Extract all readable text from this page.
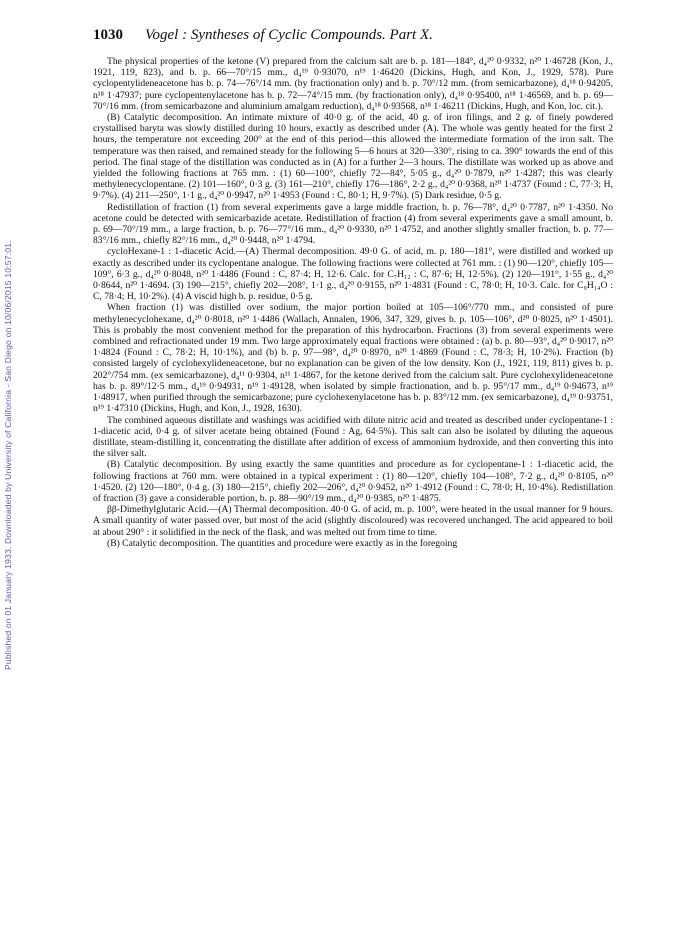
Published on 01 January 1933. Downloaded by University of California - San Diego on 10/06/2015 10:57:01.
1030 Vogel : Syntheses of Cyclic Compounds. Part X.

The physical properties of the ketone (V) prepared from the calcium salt are b. p. 181—184°, d₄²⁰ 0·9332, n²⁰ 1·46728 (Kon, J., 1921, 119, 823), and b. p. 66—70°/15 mm., d₄¹⁹ 0·93070, n¹⁹ 1·46420 (Dickins, Hugh, and Kon, J., 1929, 578). Pure cyclopentylideneacetone has b. p. 74—76°/14 mm. (by fractionation only) and b. p. 70°/12 mm. (from semicarbazone), d₄¹⁸ 0·94205, n¹⁸ 1·47937; pure cyclopentenylacetone has b. p. 72—74°/15 mm. (by fractionation only), d₄¹⁸ 0·95400, n¹⁸ 1·46569, and b. p. 69—70°/16 mm. (from semicarbazone and aluminium amalgam reduction), d₄¹⁸ 0·93568, n¹⁸ 1·46211 (Dickins, Hugh, and Kon, loc. cit.).

(B) Catalytic decomposition. An intimate mixture of 40·0 g. of the acid, 40 g. of iron filings, and 2 g. of finely powdered crystallised baryta was slowly distilled during 10 hours, exactly as described under (A). The whole was gently heated for the first 2 hours, the temperature not exceeding 200° at the end of this period—this allowed the intermediate formation of the iron salt. The temperature was then raised, and remained steady for the following 5—6 hours at 320—330°, rising to ca. 390° towards the end of this period. The final stage of the distillation was conducted as in (A) for a further 2—3 hours. The distillate was worked up as above and yielded the following fractions at 765 mm. : (1) 60—100°, chiefly 72—84°, 5·05 g., d₄²⁰ 0·7879, n²⁰ 1·4287; this was clearly methylenecyclopentane. (2) 101—160°, 0·3 g. (3) 161—210°, chiefly 176—186°, 2·2 g., d₄²⁰ 0·9368, n²⁰ 1·4737 (Found : C, 77·3; H, 9·7%). (4) 211—250°, 1·1 g., d₄²⁰ 0·9947, n²⁰ 1·4953 (Found : C, 80·1; H, 9·7%). (5) Dark residue, 0·5 g.

Redistillation of fraction (1) from several experiments gave a large middle fraction, b. p. 76—78°, d₄²⁰ 0·7787, n²⁰ 1·4350. No acetone could be detected with semicarbazide acetate. Redistillation of fraction (4) from several experiments gave a small amount, b. p. 69—70°/19 mm., a large fraction, b. p. 76—77°/16 mm., d₄²⁰ 0·9330, n²⁰ 1·4752, and another slightly smaller fraction, b. p. 77—83°/16 mm., chiefly 82°/16 mm., d₄²⁰ 0·9448, n²⁰ 1·4794.

cycloHexane-1 : 1-diacetic Acid.—(A) Thermal decomposition. 49·0 G. of acid, m. p. 180—181°, were distilled and worked up exactly as described under its cyclopentane analogue. The following fractions were collected at 761 mm. : (1) 90—120°, chiefly 105—109°, 6·3 g., d₄²⁰ 0·8048, n²⁰ 1·4486 (Found : C, 87·4; H, 12·6. Calc. for C₇H₁₂ : C, 87·6; H, 12·5%). (2) 120—191°, 1·55 g., d₄²⁰ 0·8644, n²⁰ 1·4694. (3) 190—215°, chiefly 202—208°, 1·1 g., d₄²⁰ 0·9155, n²⁰ 1·4831 (Found : C, 78·0; H, 10·3. Calc. for C₉H₁₄O : C, 78·4; H, 10·2%). (4) A viscid high b. p. residue, 0·5 g.

When fraction (1) was distilled over sodium, the major portion boiled at 105—106°/770 mm., and consisted of pure methylenecyclohexane, d₄²⁰ 0·8018, n²⁰ 1·4486 (Wallach, Annalen, 1906, 347, 329, gives b. p. 105—106°, d²⁰ 0·8025, n²⁰ 1·4501). This is probably the most convenient method for the preparation of this hydrocarbon. Fractions (3) from several experiments were combined and refractionated under 19 mm. Two large approximately equal fractions were obtained : (a) b. p. 80—93°, d₄²⁰ 0·9017, n²⁰ 1·4824 (Found : C, 78·2; H, 10·1%), and (b) b. p. 97—98°, d₄²⁰ 0·8970, n²⁰ 1·4869 (Found : C, 78·3; H, 10·2%). Fraction (b) consisted largely of cyclohexylideneacetone, but no explanation can be given of the low density. Kon (J., 1921, 119, 811) gives b. p. 202°/754 mm. (ex semicarbazone), d₄¹¹ 0·9304, n¹¹ 1·4867, for the ketone derived from the calcium salt. Pure cyclohexylideneacetone has b. p. 89°/12·5 mm., d₄¹⁹ 0·94931, n¹⁹ 1·49128, when isolated by simple fractionation, and b. p. 95°/17 mm., d₄¹⁹ 0·94673, n¹⁹ 1·48917, when purified through the semicarbazone; pure cyclohexenylacetone has b. p. 83°/12 mm. (ex semicarbazone), d₄¹⁹ 0·93751, n¹⁹ 1·47310 (Dickins, Hugh, and Kon, J., 1928, 1630).

The combined aqueous distillate and washings was acidified with dilute nitric acid and treated as described under cyclopentane-1 : 1-diacetic acid, 0·4 g. of silver acetate being obtained (Found : Ag, 64·5%). This salt can also be isolated by diluting the aqueous distillate, steam-distilling it, concentrating the distillate after addition of excess of ammonium hydroxide, and then converting this into the silver salt.

(B) Catalytic decomposition. By using exactly the same quantities and procedure as for cyclopentane-1 : 1-diacetic acid, the following fractions at 760 mm. were obtained in a typical experiment : (1) 80—120°, chiefly 104—108°, 7·2 g., d₄²⁰ 0·8105, n²⁰ 1·4520. (2) 120—180°, 0·4 g. (3) 180—215°, chiefly 202—206°, d₄²⁰ 0·9452, n²⁰ 1·4912 (Found : C, 78·0; H, 10·4%). Redistillation of fraction (3) gave a considerable portion, b. p. 88—90°/19 mm., d₄²⁰ 0·9385, n²⁰ 1·4875.

ββ-Dimethylglutaric Acid.—(A) Thermal decomposition. 40·0 G. of acid, m. p. 100°, were heated in the usual manner for 9 hours. A small quantity of water passed over, but most of the acid (slightly discoloured) was recovered unchanged. The acid appeared to boil at about 290° : it solidified in the neck of the flask, and was melted out from time to time.

(B) Catalytic decomposition. The quantities and procedure were exactly as in the foregoing
